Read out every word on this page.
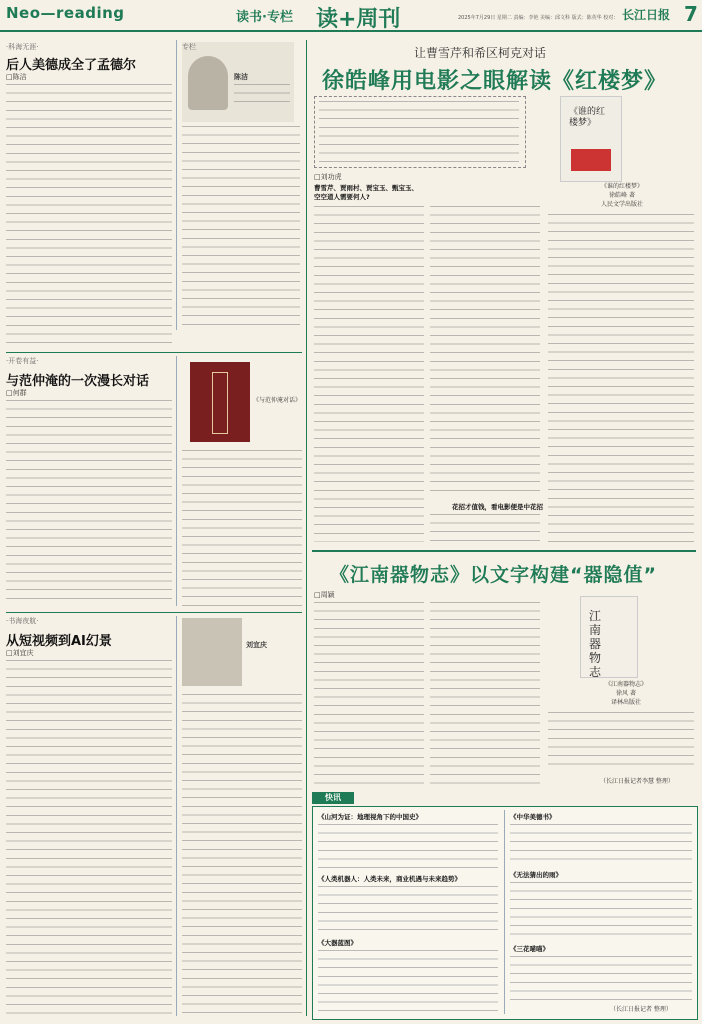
Neo—reading	读书·专栏 读+周刊	2025年7月29日 星期二 责编：李艳 美编：邱文科 版式：陈英华 校对： 长江日报 7
·科海无涯·
后人美德成全了孟德尔
□陈洁
专栏
陈洁
·开卷有益·
与范仲淹的一次漫长对话
□何群
《与范仲淹对话》
·书海夜航·
从短视频到AI幻景
□刘宜庆
刘宜庆
让曹雪芹和希区柯克对话
徐皓峰用电影之眼解读《红楼梦》
□刘功虎
曹雪芹、贾雨村、贾宝玉、甄宝玉、空空道人需要何人?
花招才值钱，看电影便是中花招
《谁的红楼梦》
《谁的红楼梦》
徐皓峰 著
人民文学出版社
《江南器物志》以文字构建“器隐值”
□周颖
江南器物志
《江南器物志》
徐风 著
译林出版社
（长江日报记者李慧 整理）
快讯
《山河为证：地理视角下的中国史》
《人类机器人：人类未来，商业机遇与未来趋势》
《大器蓝图》
《中华美德书》
《无法猜出的雨》
《三花喵喵》
（长江日报记者 整理）
